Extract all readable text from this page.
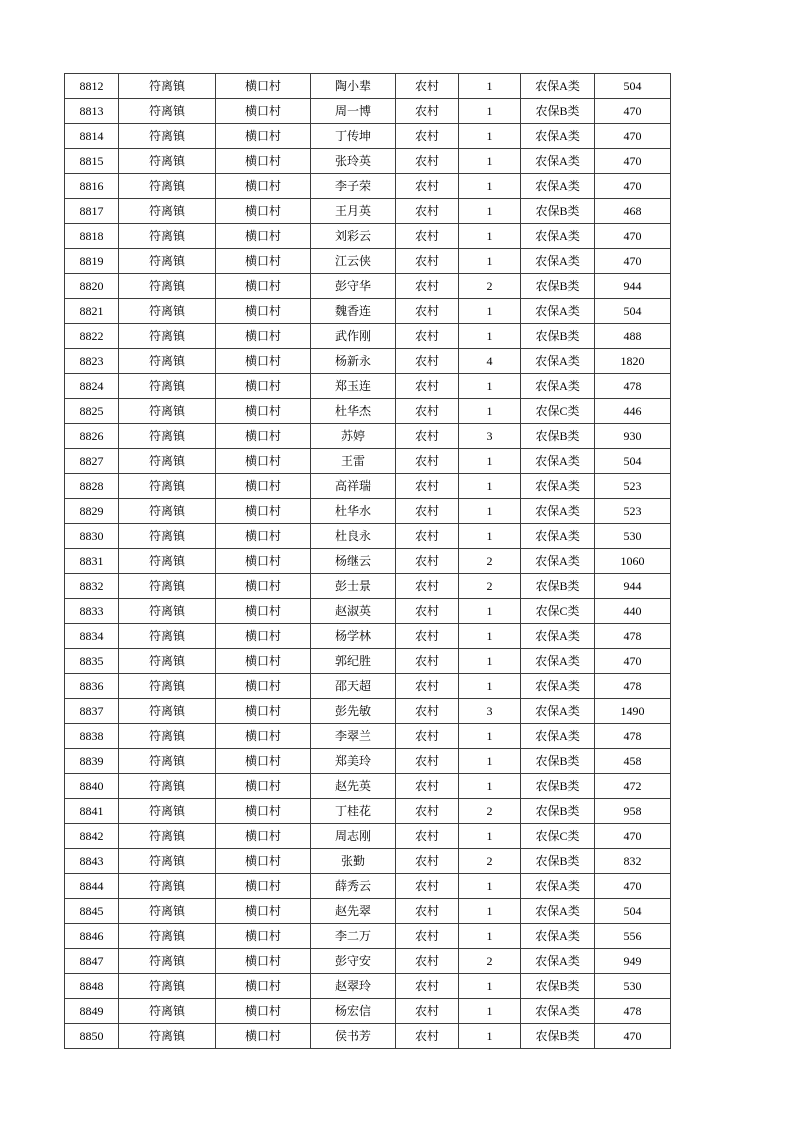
8812	符离镇	横口村	陶小辈	农村	1	农保A类	504
8813	符离镇	横口村	周一博	农村	1	农保B类	470
8814	符离镇	横口村	丁传坤	农村	1	农保A类	470
8815	符离镇	横口村	张玲英	农村	1	农保A类	470
8816	符离镇	横口村	李子荣	农村	1	农保A类	470
8817	符离镇	横口村	王月英	农村	1	农保B类	468
8818	符离镇	横口村	刘彩云	农村	1	农保A类	470
8819	符离镇	横口村	江云侠	农村	1	农保A类	470
8820	符离镇	横口村	彭守华	农村	2	农保B类	944
8821	符离镇	横口村	魏香连	农村	1	农保A类	504
8822	符离镇	横口村	武作刚	农村	1	农保B类	488
8823	符离镇	横口村	杨新永	农村	4	农保A类	1820
8824	符离镇	横口村	郑玉连	农村	1	农保A类	478
8825	符离镇	横口村	杜华杰	农村	1	农保C类	446
8826	符离镇	横口村	苏婷	农村	3	农保B类	930
8827	符离镇	横口村	王雷	农村	1	农保A类	504
8828	符离镇	横口村	高祥瑞	农村	1	农保A类	523
8829	符离镇	横口村	杜华水	农村	1	农保A类	523
8830	符离镇	横口村	杜良永	农村	1	农保A类	530
8831	符离镇	横口村	杨继云	农村	2	农保A类	1060
8832	符离镇	横口村	彭士景	农村	2	农保B类	944
8833	符离镇	横口村	赵淑英	农村	1	农保C类	440
8834	符离镇	横口村	杨学林	农村	1	农保A类	478
8835	符离镇	横口村	郭纪胜	农村	1	农保A类	470
8836	符离镇	横口村	邵天超	农村	1	农保A类	478
8837	符离镇	横口村	彭先敏	农村	3	农保A类	1490
8838	符离镇	横口村	李翠兰	农村	1	农保A类	478
8839	符离镇	横口村	郑美玲	农村	1	农保B类	458
8840	符离镇	横口村	赵先英	农村	1	农保B类	472
8841	符离镇	横口村	丁桂花	农村	2	农保B类	958
8842	符离镇	横口村	周志刚	农村	1	农保C类	470
8843	符离镇	横口村	张勤	农村	2	农保B类	832
8844	符离镇	横口村	薛秀云	农村	1	农保A类	470
8845	符离镇	横口村	赵先翠	农村	1	农保A类	504
8846	符离镇	横口村	李二万	农村	1	农保A类	556
8847	符离镇	横口村	彭守安	农村	2	农保A类	949
8848	符离镇	横口村	赵翠玲	农村	1	农保B类	530
8849	符离镇	横口村	杨宏信	农村	1	农保A类	478
8850	符离镇	横口村	侯书芳	农村	1	农保B类	470
